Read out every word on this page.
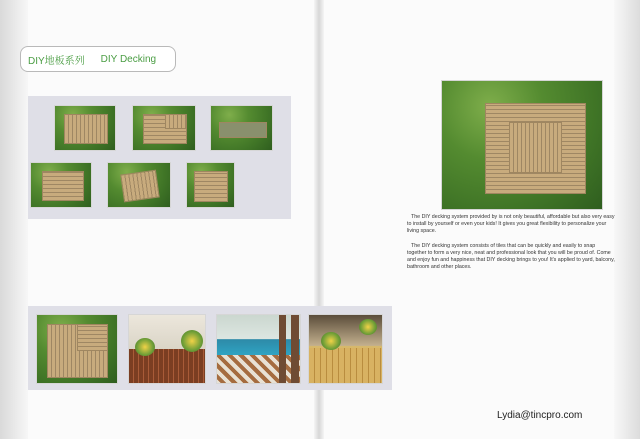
DIY地板系列 DIY Decking

The DIY decking system provided by is not only beautiful, affordable but also very easy to install by yourself or even your kids! It gives you great flexibility to personalize your living space.

The DIY decking system consists of tiles that can be quickly and easily to snap together to form a very nice, neat and professional look that you will be proud of. Come and enjoy fun and happiness that DIY decking brings to you! It's applied to yard, balcony, bathroom and other places.

Lydia@tincpro.com
